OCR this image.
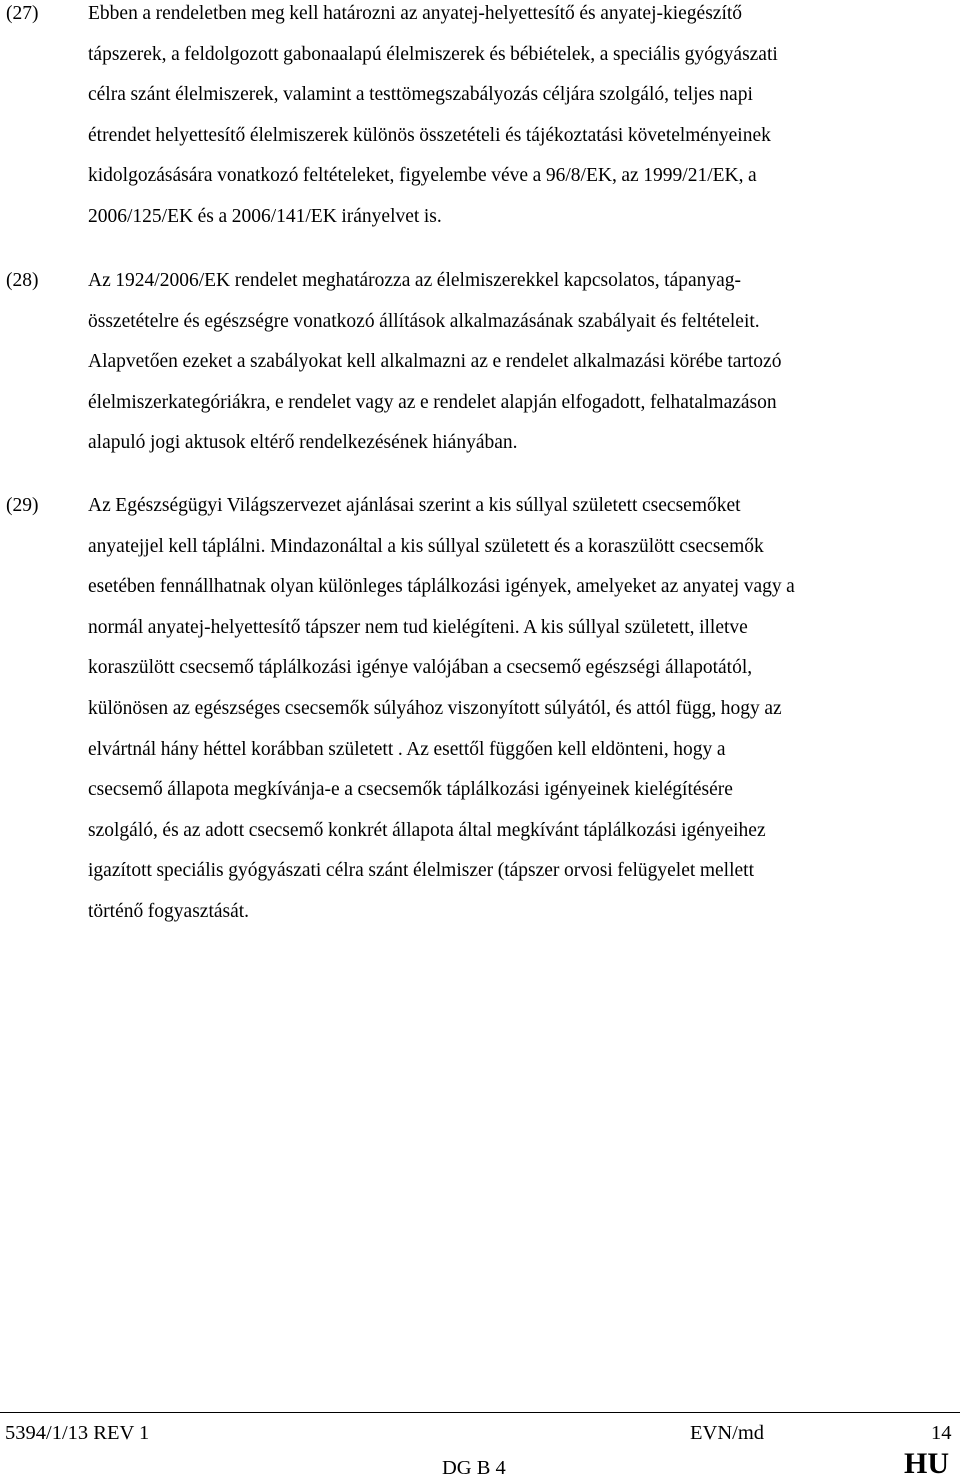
(27)	Ebben a rendeletben meg kell határozni az anyatej-helyettesítő és anyatej-kiegészítő
tápszerek, a feldolgozott gabonaalapú élelmiszerek és bébiételek, a speciális gyógyászati
célra szánt élelmiszerek, valamint a testtömegszabályozás céljára szolgáló, teljes napi
étrendet helyettesítő élelmiszerek különös összetételi és tájékoztatási követelményeinek
kidolgozásására vonatkozó feltételeket, figyelembe véve a 96/8/EK, az 1999/21/EK, a
2006/125/EK és a 2006/141/EK irányelvet is.
(28)	Az 1924/2006/EK rendelet meghatározza az élelmiszerekkel kapcsolatos, tápanyag-
összetételre és egészségre vonatkozó állítások alkalmazásának szabályait és feltételeit.
Alapvetően ezeket a szabályokat kell alkalmazni az e rendelet alkalmazási körébe tartozó
élelmiszerkategóriákra, e rendelet vagy az e rendelet alapján elfogadott, felhatalmazáson
alapuló jogi aktusok eltérő rendelkezésének hiányában.
(29)	Az Egészségügyi Világszervezet ajánlásai szerint a kis súllyal született csecsemőket
anyatejjel kell táplálni. Mindazonáltal a kis súllyal született és a koraszülött csecsemők
esetében fennállhatnak olyan különleges táplálkozási igények, amelyeket az anyatej vagy a
normál anyatej-helyettesítő tápszer nem tud kielégíteni. A kis súllyal született, illetve
koraszülött csecsemő táplálkozási igénye valójában a csecsemő egészségi állapotától,
különösen az egészséges csecsemők súlyához viszonyított súlyától, és attól függ, hogy az
elvártnál hány héttel korábban született . Az esettől függően kell eldönteni, hogy a
csecsemő állapota megkívánja-e a csecsemők táplálkozási igényeinek kielégítésére
szolgáló, és az adott csecsemő konkrét állapota által megkívánt táplálkozási igényeihez
igazított speciális gyógyászati célra szánt élelmiszer (tápszer orvosi felügyelet mellett
történő fogyasztását.
5394/1/13 REV 1	EVN/md	14
DG B 4	HU
